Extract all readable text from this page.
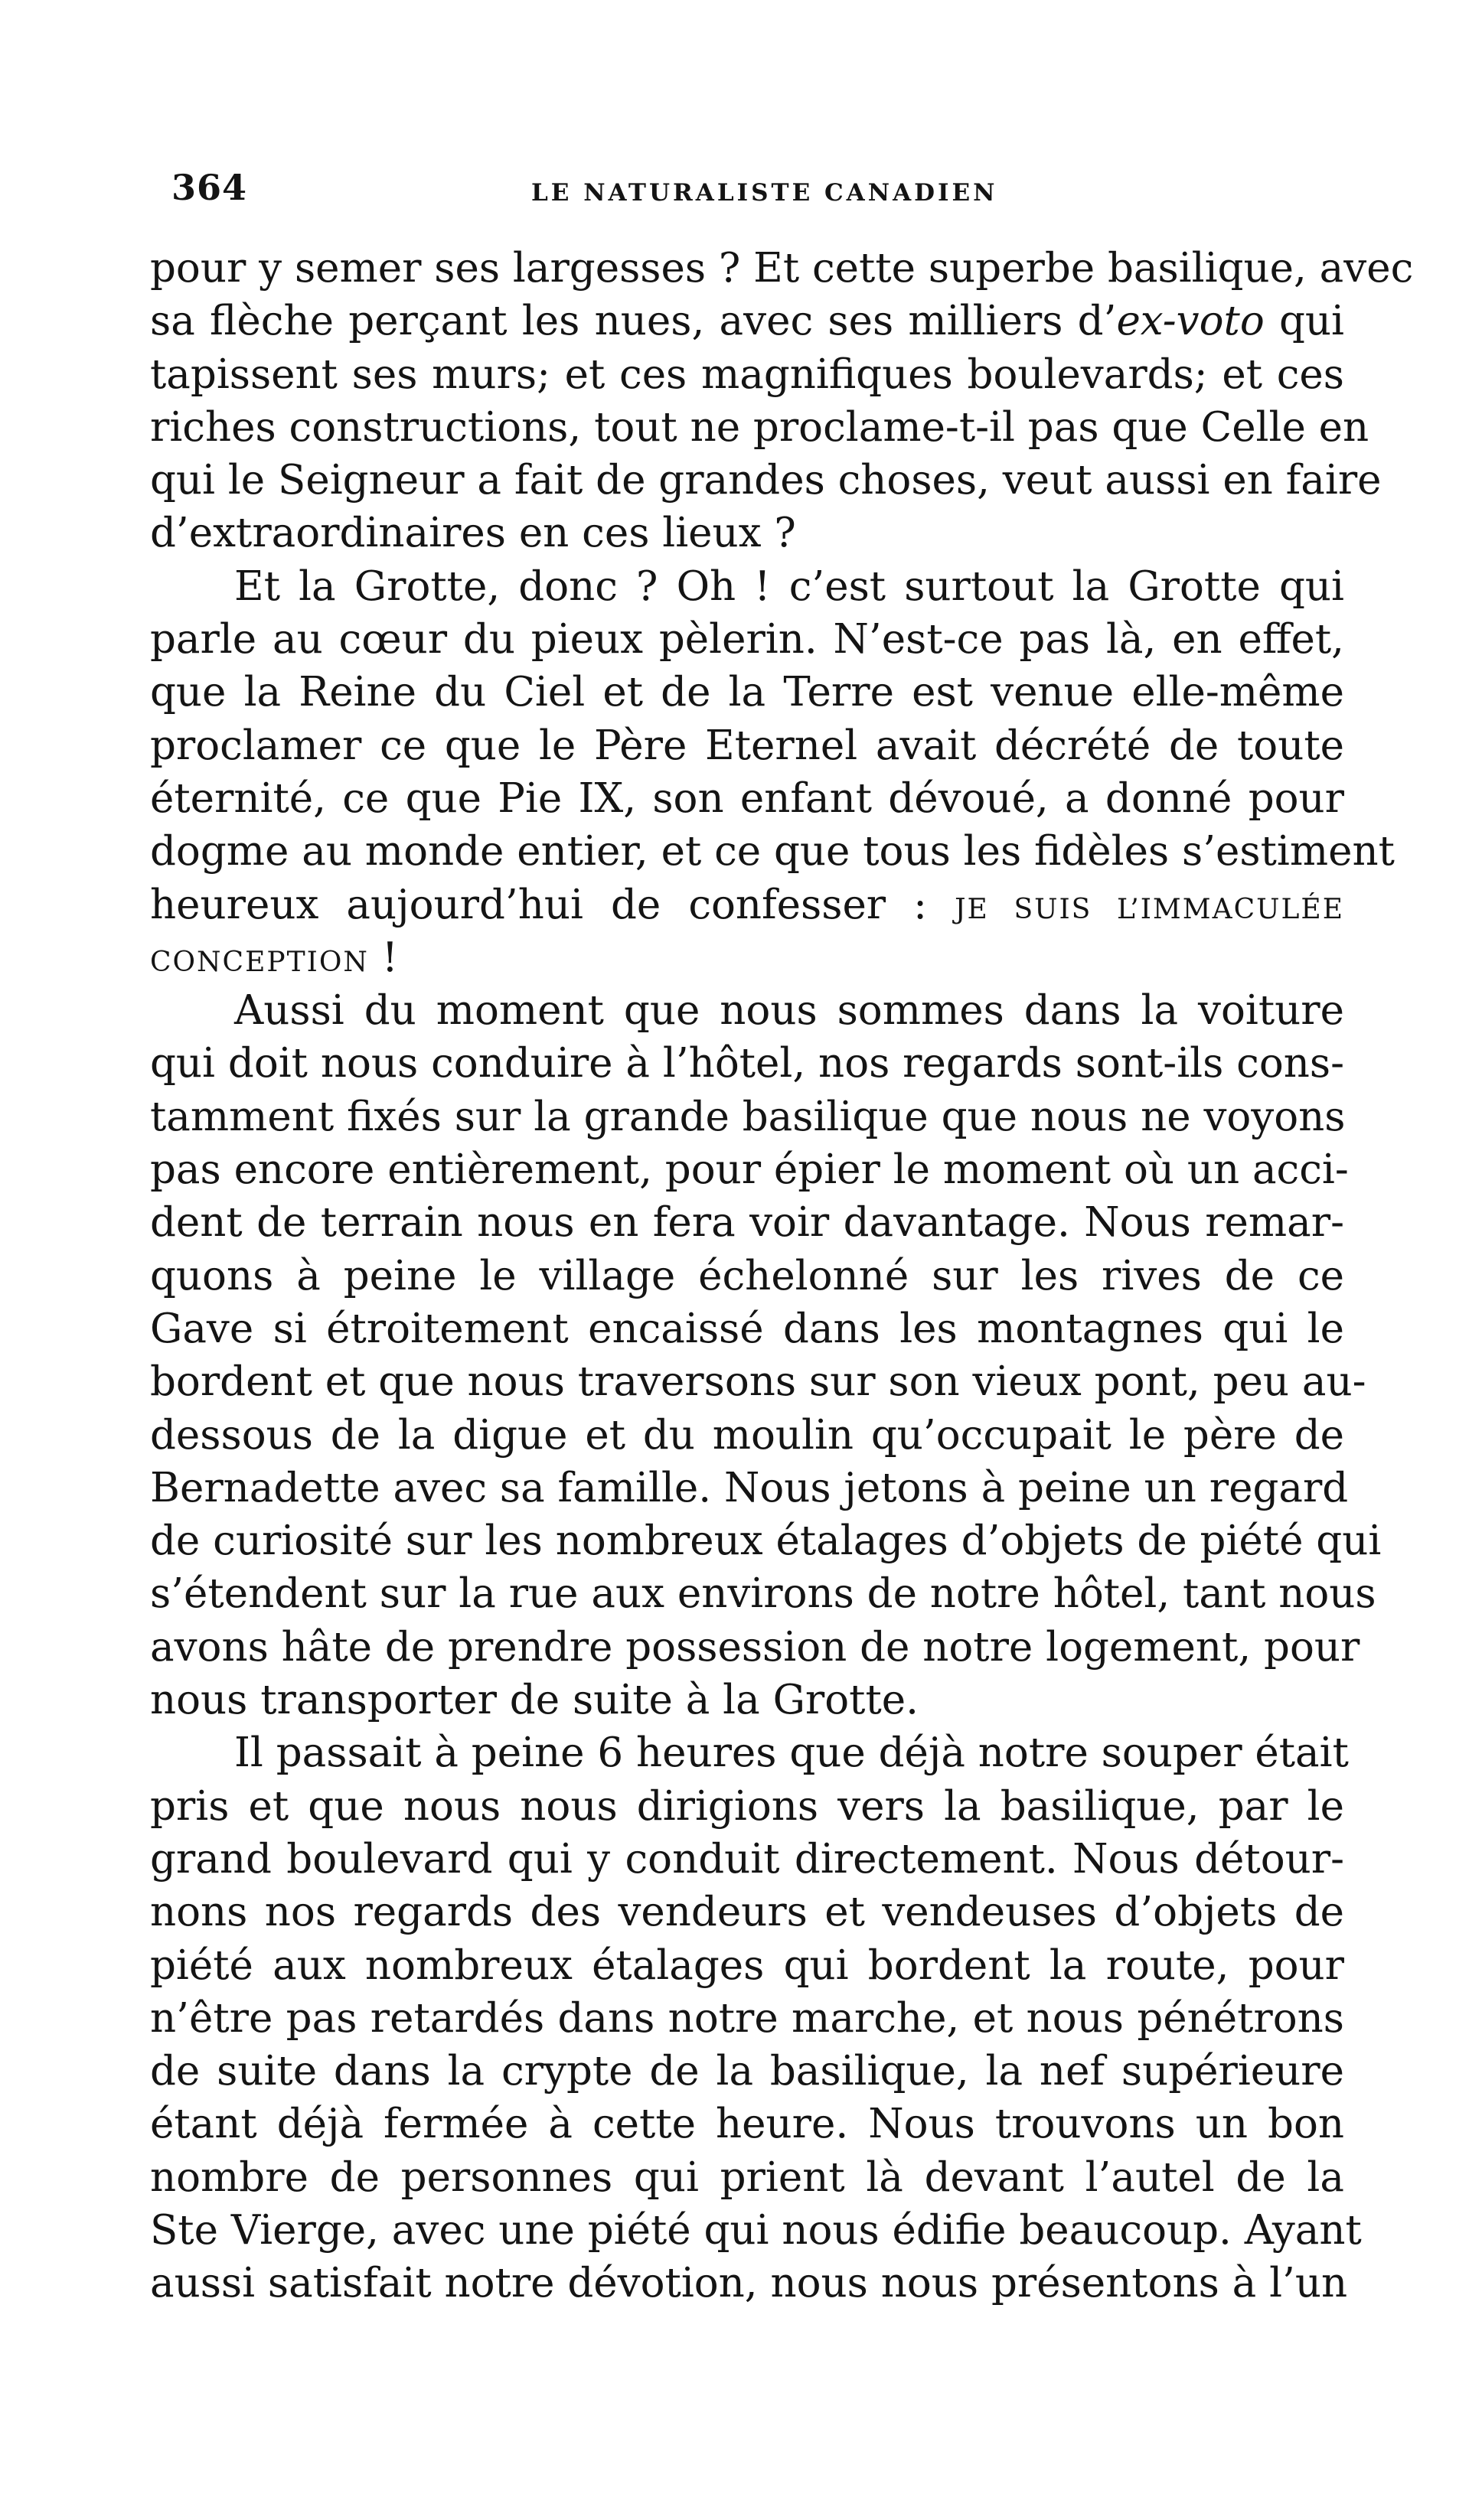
364	LE NATURALISTE CANADIEN
pour y semer ses largesses ? Et cette superbe basilique, avec
sa flèche perçant les nues, avec ses milliers d’ex-voto qui
tapissent ses murs; et ces magnifiques boulevards; et ces
riches constructions, tout ne proclame-t-il pas que Celle en
qui le Seigneur a fait de grandes choses, veut aussi en faire
d’extraordinaires en ces lieux ?
Et la Grotte, donc ? Oh ! c’est surtout la Grotte qui
parle au cœur du pieux pèlerin. N’est-ce pas là, en effet,
que la Reine du Ciel et de la Terre est venue elle-même
proclamer ce que le Père Eternel avait décrété de toute
éternité, ce que Pie IX, son enfant dévoué, a donné pour
dogme au monde entier, et ce que tous les fidèles s’estiment
heureux aujourd’hui de confesser : JE SUIS L’IMMACULÉE
CONCEPTION !
Aussi du moment que nous sommes dans la voiture
qui doit nous conduire à l’hôtel, nos regards sont-ils cons-
tamment fixés sur la grande basilique que nous ne voyons
pas encore entièrement, pour épier le moment où un acci-
dent de terrain nous en fera voir davantage. Nous remar-
quons à peine le village échelonné sur les rives de ce
Gave si étroitement encaissé dans les montagnes qui le
bordent et que nous traversons sur son vieux pont, peu au-
dessous de la digue et du moulin qu’occupait le père de
Bernadette avec sa famille. Nous jetons à peine un regard
de curiosité sur les nombreux étalages d’objets de piété qui
s’étendent sur la rue aux environs de notre hôtel, tant nous
avons hâte de prendre possession de notre logement, pour
nous transporter de suite à la Grotte.
Il passait à peine 6 heures que déjà notre souper était
pris et que nous nous dirigions vers la basilique, par le
grand boulevard qui y conduit directement. Nous détour-
nons nos regards des vendeurs et vendeuses d’objets de
piété aux nombreux étalages qui bordent la route, pour
n’être pas retardés dans notre marche, et nous pénétrons
de suite dans la crypte de la basilique, la nef supérieure
étant déjà fermée à cette heure. Nous trouvons un bon
nombre de personnes qui prient là devant l’autel de la
Ste Vierge, avec une piété qui nous édifie beaucoup. Ayant
aussi satisfait notre dévotion, nous nous présentons à l’un
